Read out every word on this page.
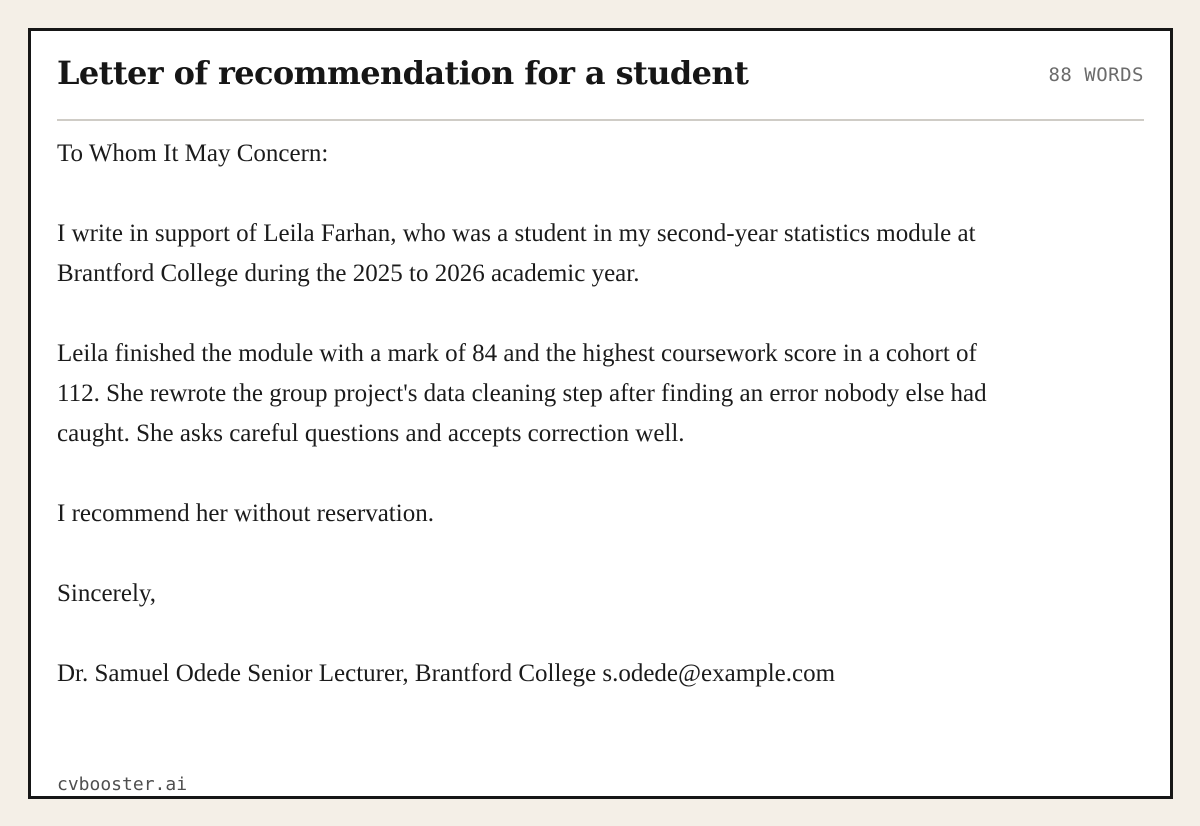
Letter of recommendation for a student	88 WORDS

To Whom It May Concern:

I write in support of Leila Farhan, who was a student in my second-year statistics module at Brantford College during the 2025 to 2026 academic year.

Leila finished the module with a mark of 84 and the highest coursework score in a cohort of 112. She rewrote the group project's data cleaning step after finding an error nobody else had caught. She asks careful questions and accepts correction well.

I recommend her without reservation.

Sincerely,

Dr. Samuel Odede Senior Lecturer, Brantford College s.odede@example.com

cvbooster.ai
